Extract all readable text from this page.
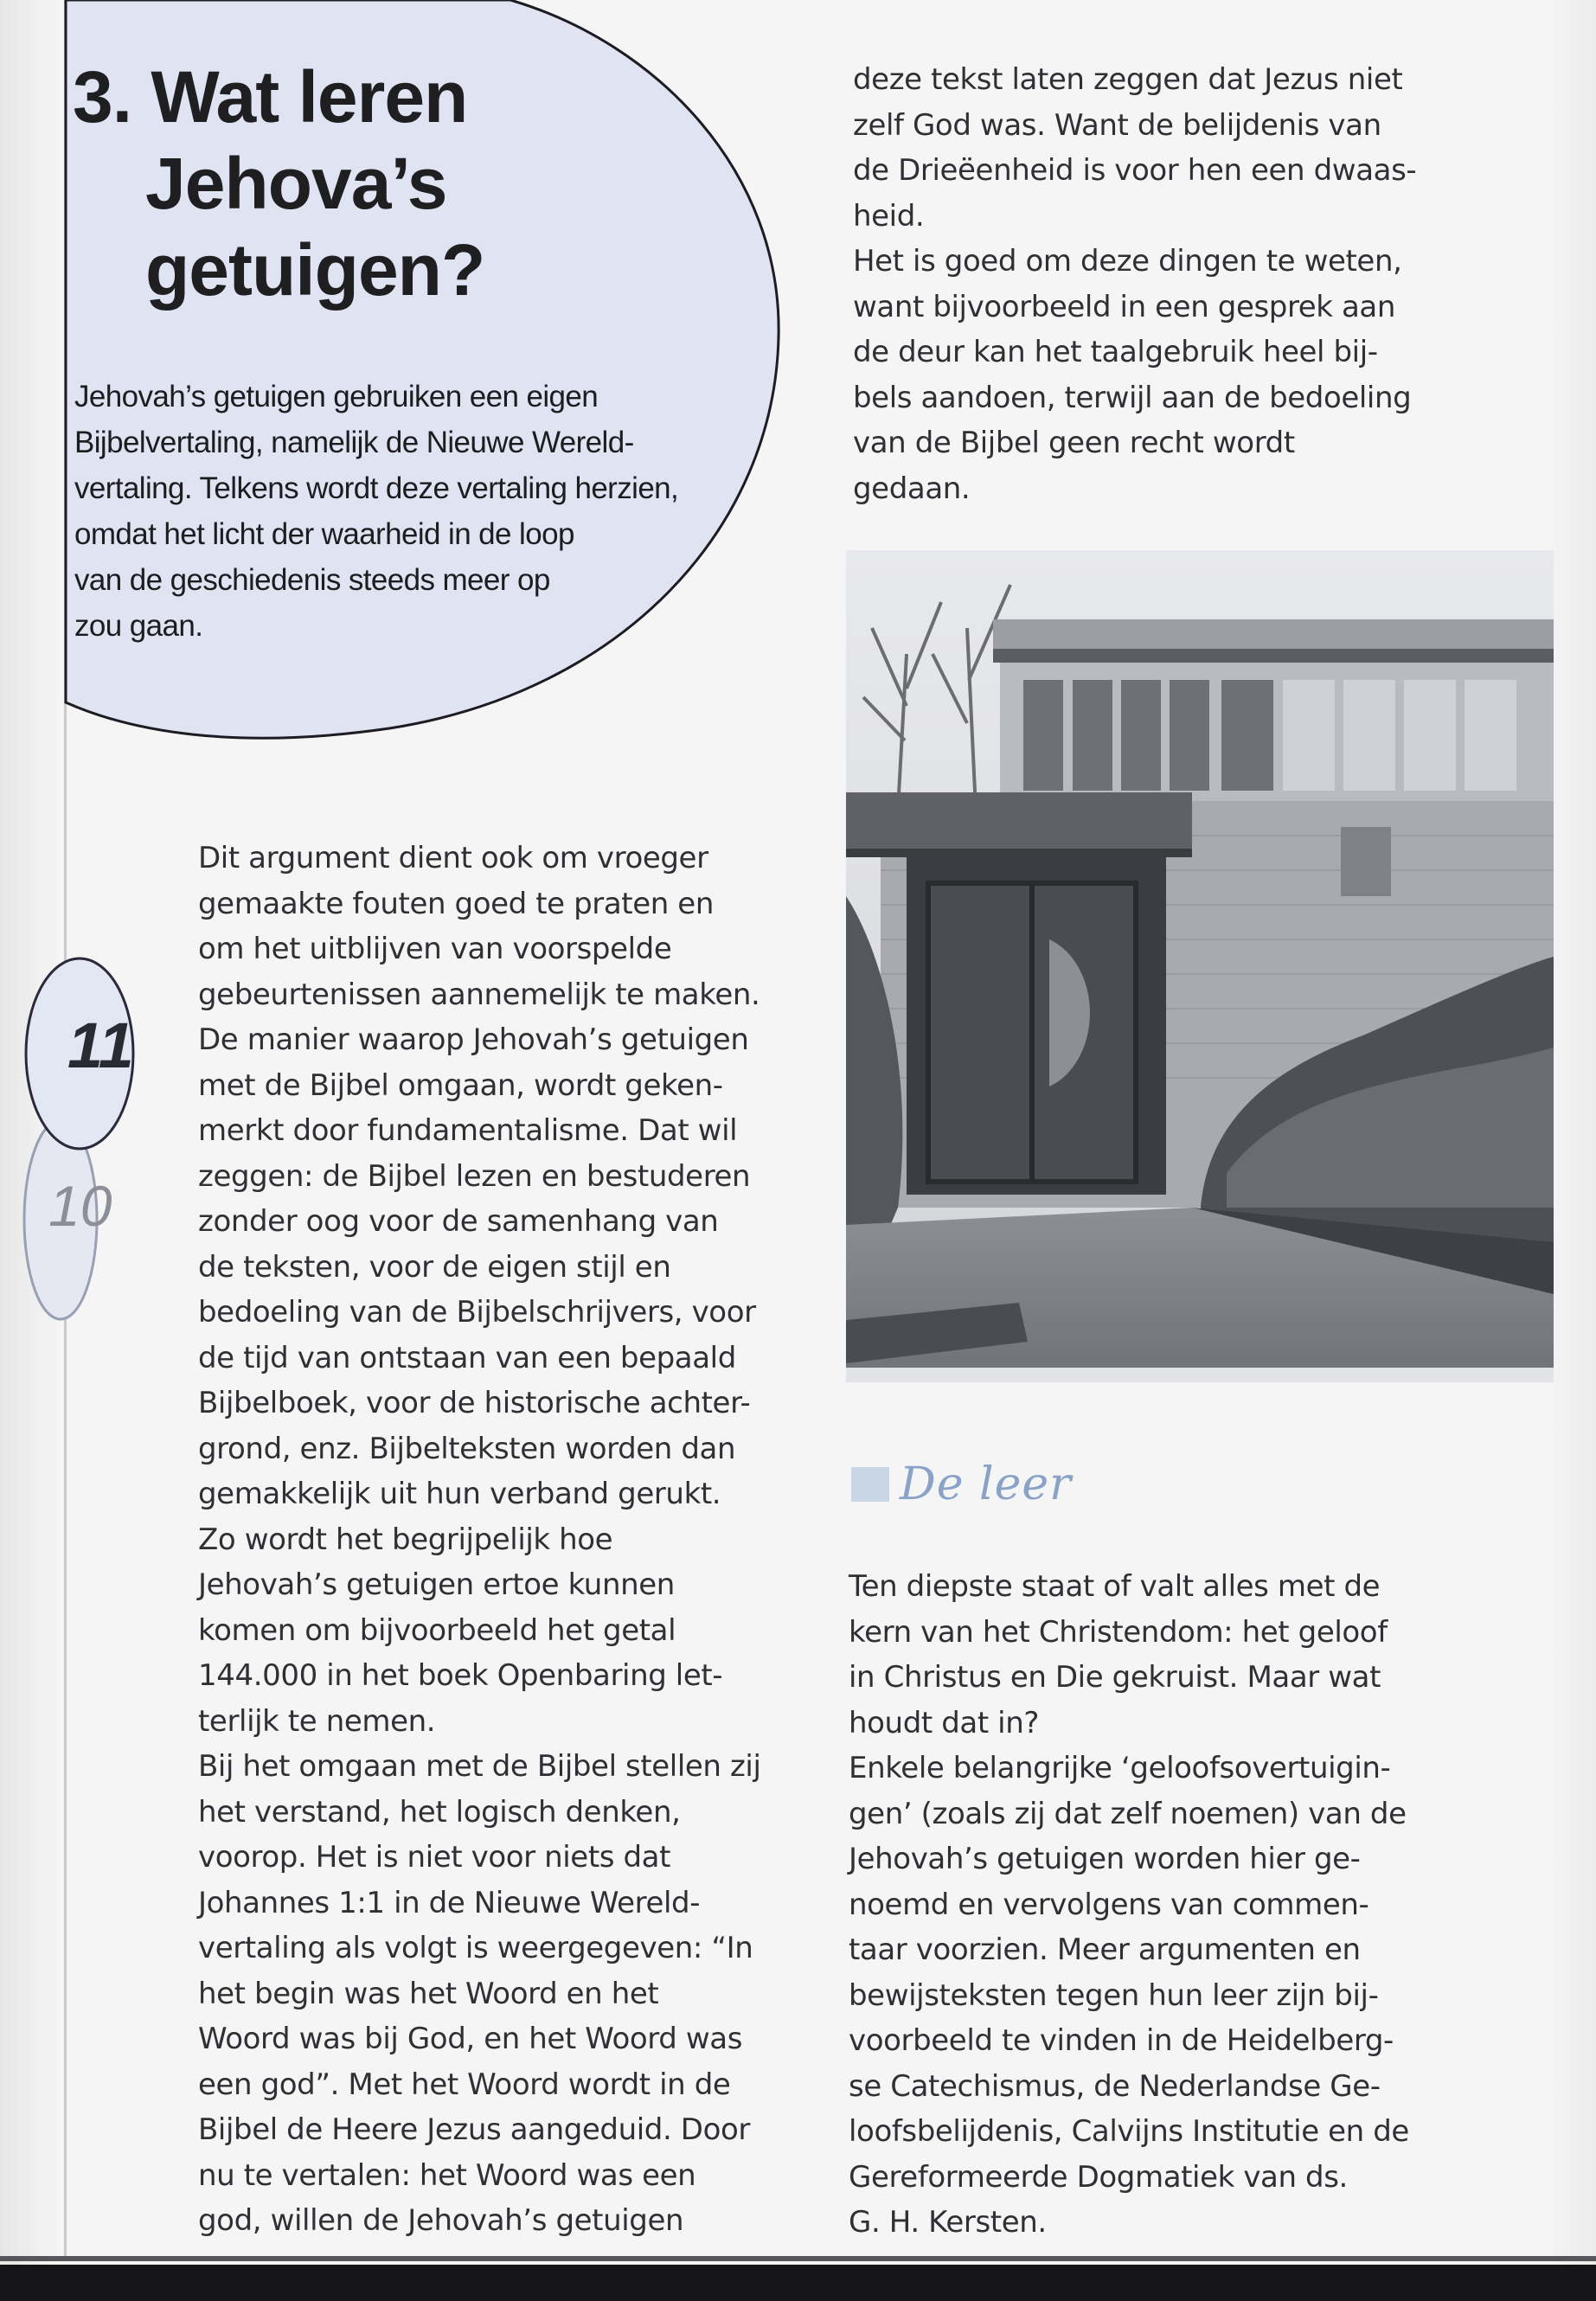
3. Wat leren
Jehova’s
getuigen?
Jehovah’s getuigen gebruiken een eigen
Bijbelvertaling, namelijk de Nieuwe Wereld-
vertaling. Telkens wordt deze vertaling herzien,
omdat het licht der waarheid in de loop
van de geschiedenis steeds meer op
zou gaan.
11
10
Dit argument dient ook om vroeger
gemaakte fouten goed te praten en
om het uitblijven van voorspelde
gebeurtenissen aannemelijk te maken.
De manier waarop Jehovah’s getuigen
met de Bijbel omgaan, wordt geken-
merkt door fundamentalisme. Dat wil
zeggen: de Bijbel lezen en bestuderen
zonder oog voor de samenhang van
de teksten, voor de eigen stijl en
bedoeling van de Bijbelschrijvers, voor
de tijd van ontstaan van een bepaald
Bijbelboek, voor de historische achter-
grond, enz. Bijbelteksten worden dan
gemakkelijk uit hun verband gerukt.
Zo wordt het begrijpelijk hoe
Jehovah’s getuigen ertoe kunnen
komen om bijvoorbeeld het getal
144.000 in het boek Openbaring let-
terlijk te nemen.
Bij het omgaan met de Bijbel stellen zij
het verstand, het logisch denken,
voorop. Het is niet voor niets dat
Johannes 1:1 in de Nieuwe Wereld-
vertaling als volgt is weergegeven: “In
het begin was het Woord en het
Woord was bij God, en het Woord was
een god”. Met het Woord wordt in de
Bijbel de Heere Jezus aangeduid. Door
nu te vertalen: het Woord was een
god, willen de Jehovah’s getuigen
deze tekst laten zeggen dat Jezus niet
zelf God was. Want de belijdenis van
de Drieëenheid is voor hen een dwaas-
heid.
Het is goed om deze dingen te weten,
want bijvoorbeeld in een gesprek aan
de deur kan het taalgebruik heel bij-
bels aandoen, terwijl aan de bedoeling
van de Bijbel geen recht wordt
gedaan.
De leer
Ten diepste staat of valt alles met de
kern van het Christendom: het geloof
in Christus en Die gekruist. Maar wat
houdt dat in?
Enkele belangrijke ‘geloofsovertuigin-
gen’ (zoals zij dat zelf noemen) van de
Jehovah’s getuigen worden hier ge-
noemd en vervolgens van commen-
taar voorzien. Meer argumenten en
bewijsteksten tegen hun leer zijn bij-
voorbeeld te vinden in de Heidelberg-
se Catechismus, de Nederlandse Ge-
loofsbelijdenis, Calvijns Institutie en de
Gereformeerde Dogmatiek van ds.
G. H. Kersten.
